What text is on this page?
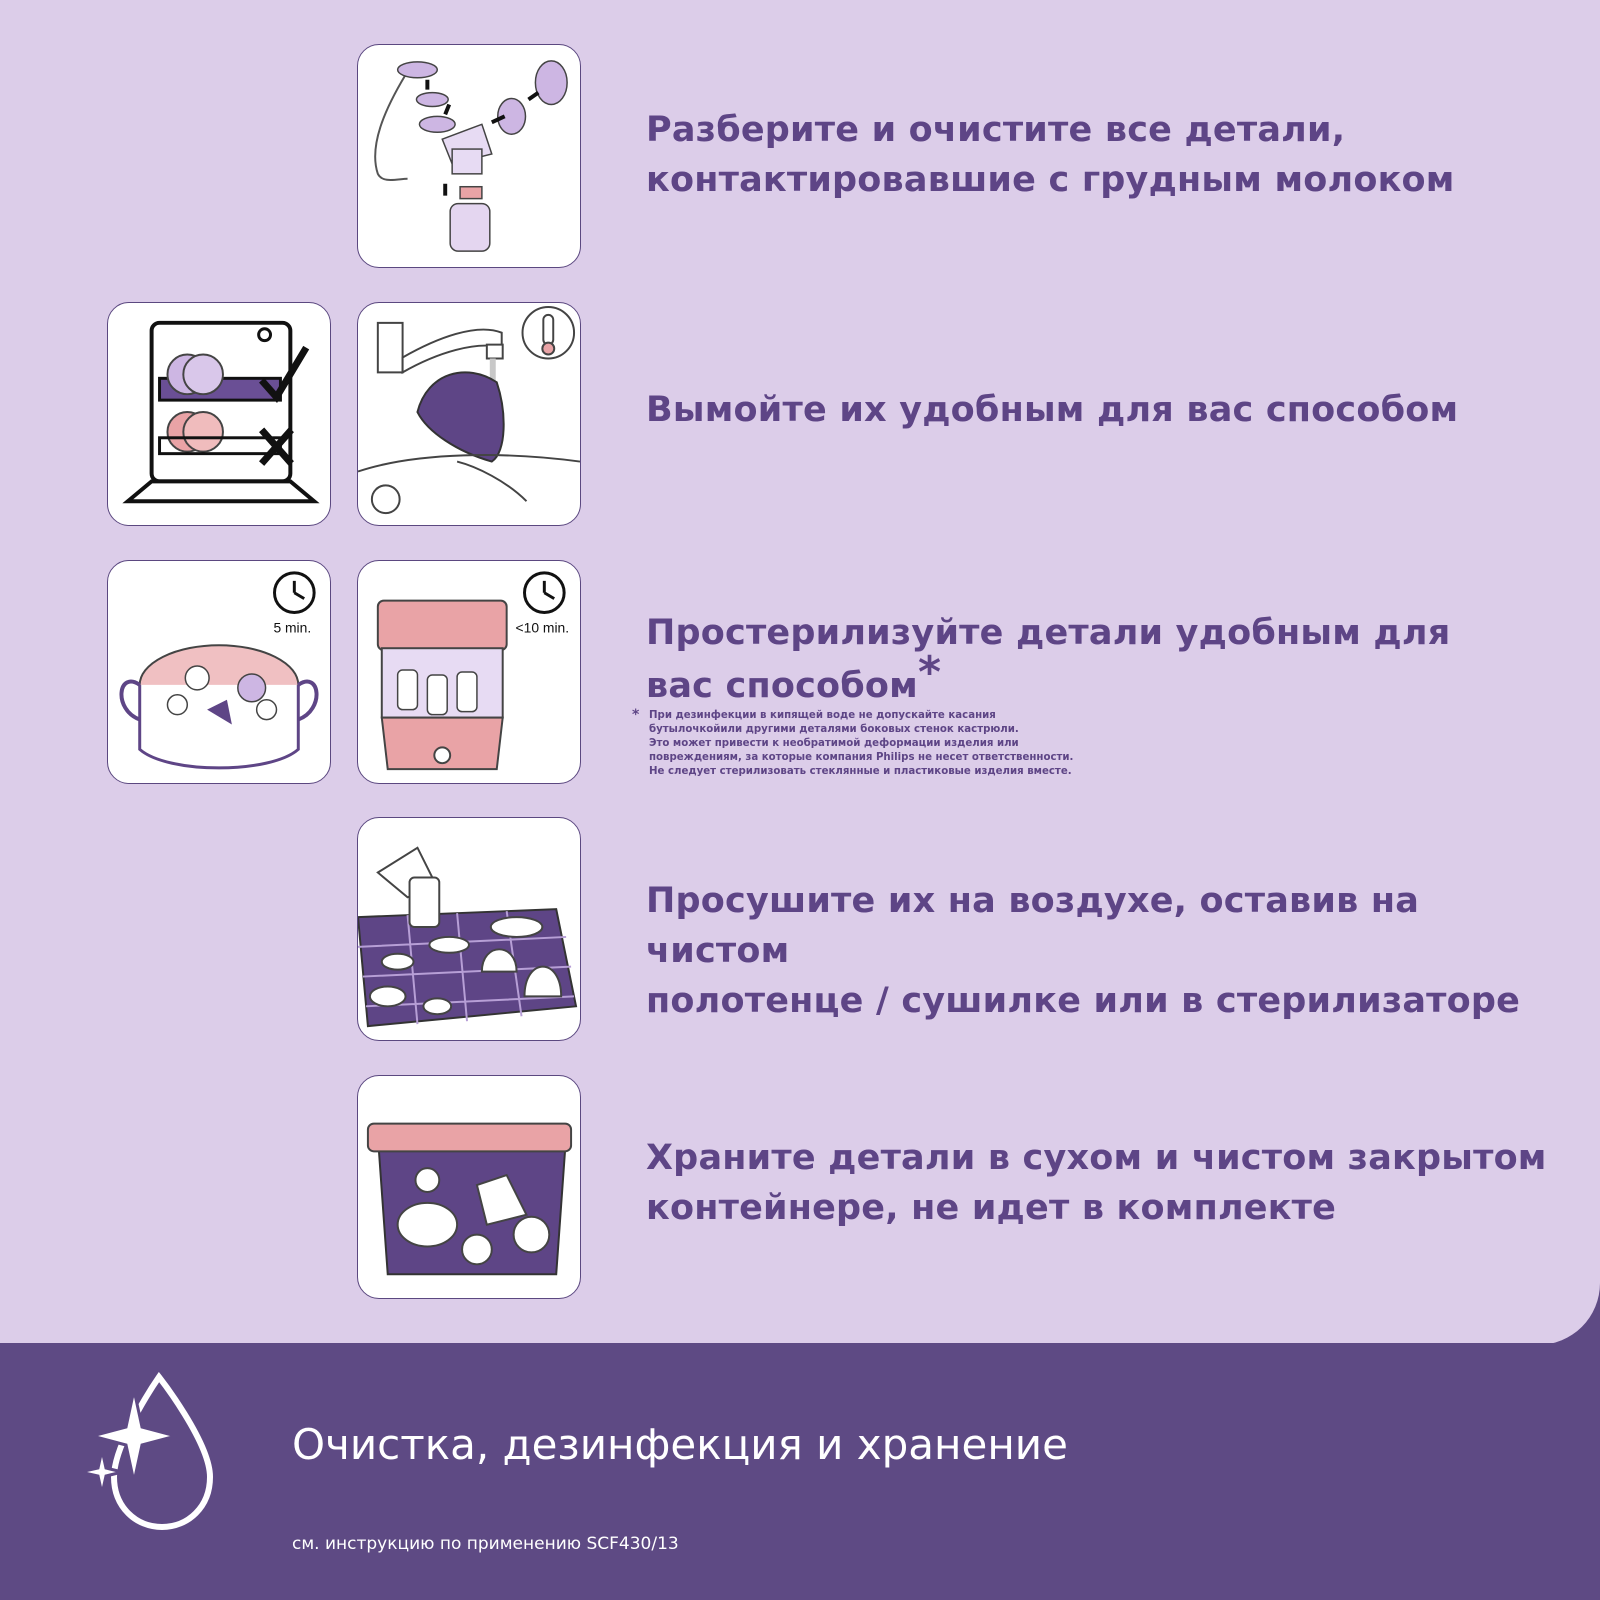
Разберите и очистите все детали,
контактировавшие с грудным молоком
Вымойте их удобным для вас способом
5 min.	<10 min. Простерилизуйте детали удобным для
вас способом*
* При дезинфекции в кипящей воде не допускайте касания
бутылочкойили другими деталями боковых стенок кастрюли.
Это может привести к необратимой деформации изделия или
повреждениям, за которые компания Philips не несет ответственности.
Не следует стерилизовать стеклянные и пластиковые изделия вместе.
Просушите их на воздухе, оставив на чистом
полотенце / сушилке или в стерилизаторе
Храните детали в сухом и чистом закрытом
контейнере, не идет в комплекте
Очистка, дезинфекция и хранение
см. инструкцию по применению SCF430/13
